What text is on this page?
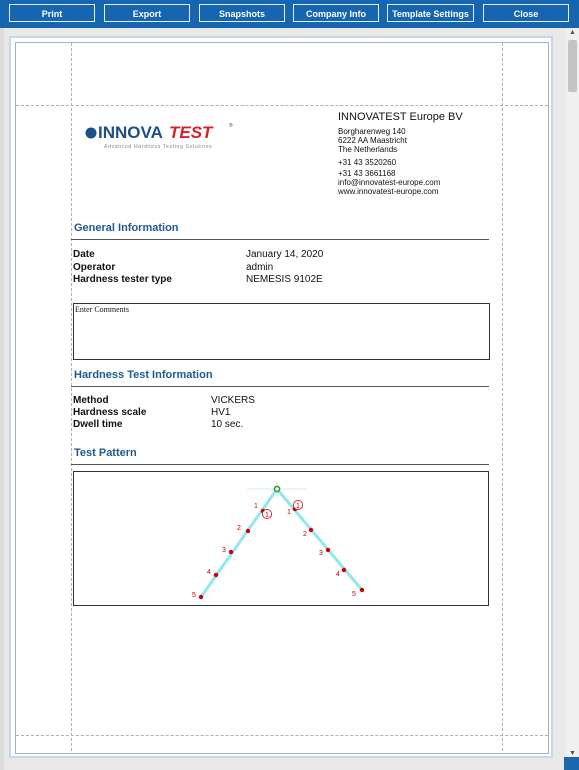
Print	Export	Snapshots	Company Info	Template Settings	Close
▲
▼
INNOVA TEST	®
Advanced Hardness Testing Solutions
INNOVATEST Europe BV
Borgharenweg 140
6222 AA Maastricht
The Netherlands
+31 43 3520260
+31 43 3661168
info@innovatest-europe.com
www.innovatest-europe.com
General Information
Date	January 14, 2020
Operator	admin
Hardness tester type	NEMESIS 9102E
Enter Comments
Hardness Test Information
Method	VICKERS
Hardness scale	HV1
Dwell time	10 sec.
Test Pattern
1
2
3
4
5
1	1
2
3
4
5
1
